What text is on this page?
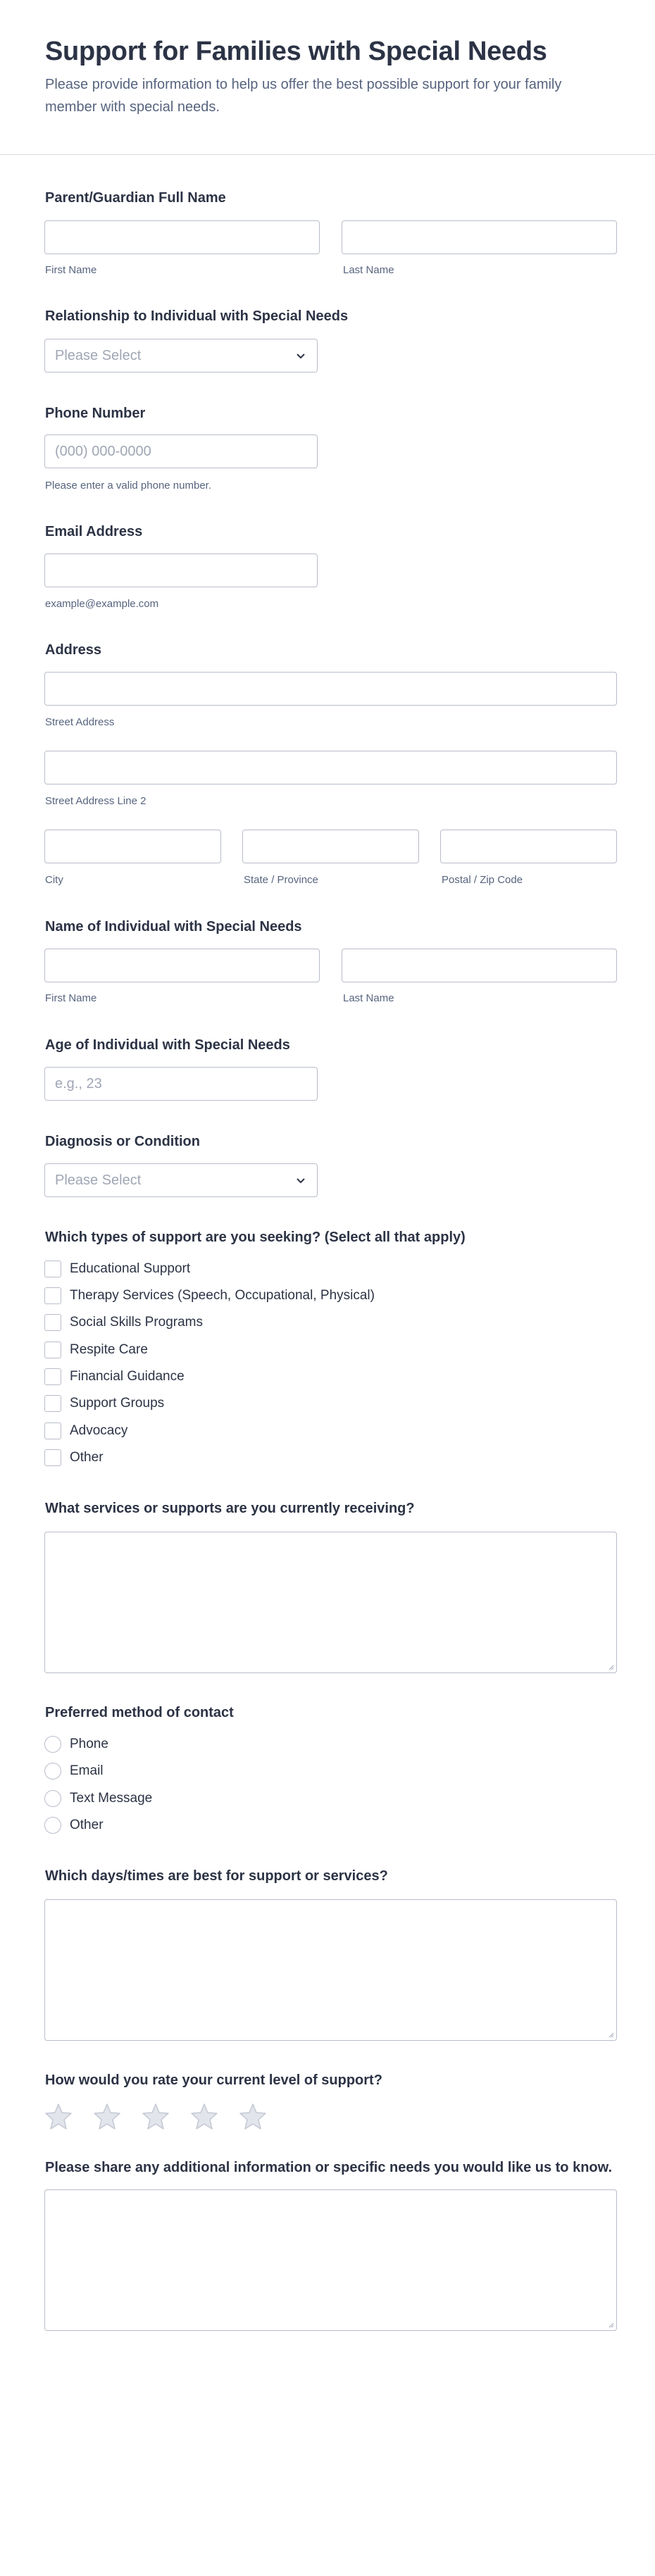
Support for Families with Special Needs
Please provide information to help us offer the best possible support for your family member with special needs.
Parent/Guardian Full Name
First Name	Last Name
Relationship to Individual with Special Needs
Please Select
Phone Number
(000) 000-0000
Please enter a valid phone number.
Email Address
example@example.com
Address
Street Address
Street Address Line 2
City	State / Province	Postal / Zip Code
Name of Individual with Special Needs
First Name	Last Name
Age of Individual with Special Needs
e.g., 23
Diagnosis or Condition
Please Select
Which types of support are you seeking? (Select all that apply)
Educational Support
Therapy Services (Speech, Occupational, Physical)
Social Skills Programs
Respite Care
Financial Guidance
Support Groups
Advocacy
Other
What services or supports are you currently receiving?
Preferred method of contact
Phone
Email
Text Message
Other
Which days/times are best for support or services?
How would you rate your current level of support?
Please share any additional information or specific needs you would like us to know.
